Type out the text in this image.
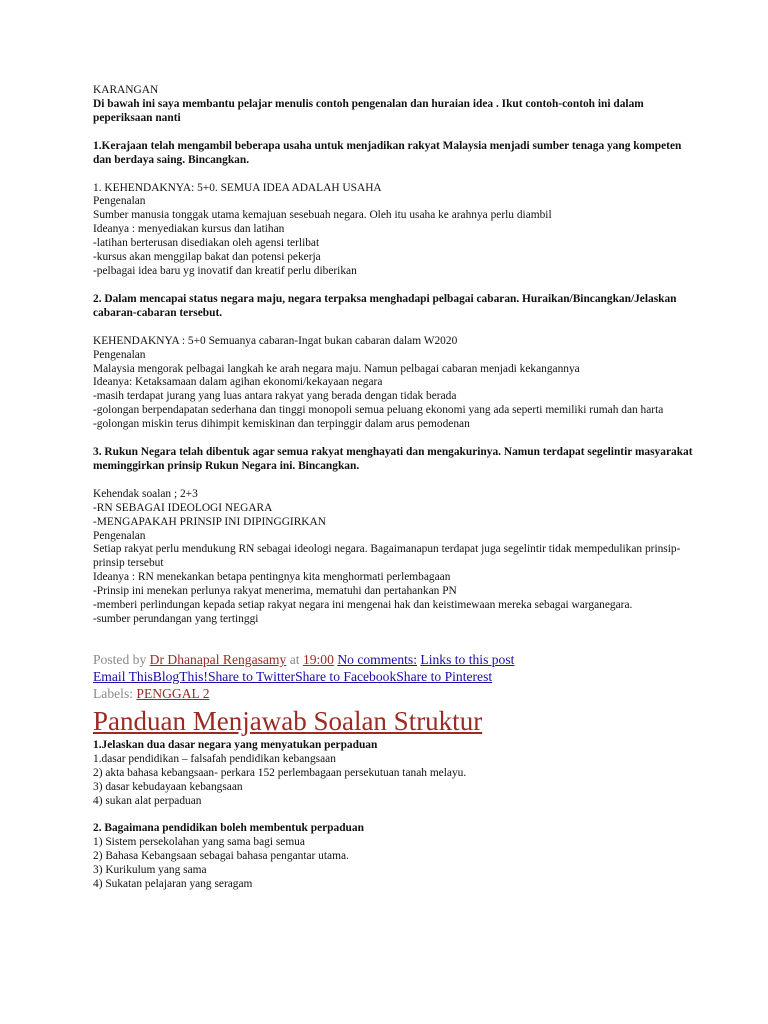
KARANGAN

Di bawah ini saya membantu pelajar menulis contoh pengenalan dan huraian idea . Ikut contoh-contoh ini dalam peperiksaan nanti

1.Kerajaan telah mengambil beberapa usaha untuk menjadikan rakyat Malaysia menjadi sumber tenaga yang kompeten dan berdaya saing. Bincangkan.

1. KEHENDAKNYA: 5+0. SEMUA IDEA ADALAH USAHA

Pengenalan

Sumber manusia tonggak utama kemajuan sesebuah negara. Oleh itu usaha ke arahnya perlu diambil

Ideanya : menyediakan kursus dan latihan

-latihan berterusan disediakan oleh agensi terlibat

-kursus akan menggilap bakat dan potensi pekerja

-pelbagai idea baru yg inovatif dan kreatif perlu diberikan

2. Dalam mencapai status negara maju, negara terpaksa menghadapi pelbagai cabaran. Huraikan/Bincangkan/Jelaskan cabaran-cabaran tersebut.

KEHENDAKNYA : 5+0 Semuanya cabaran-Ingat bukan cabaran dalam W2020

Pengenalan

Malaysia mengorak pelbagai langkah ke arah negara maju. Namun pelbagai cabaran menjadi kekangannya

Ideanya: Ketaksamaan dalam agihan ekonomi/kekayaan negara

-masih terdapat jurang yang luas antara rakyat yang berada dengan tidak berada

-golongan berpendapatan sederhana dan tinggi monopoli semua peluang ekonomi yang ada seperti memiliki rumah dan harta

-golongan miskin terus dihimpit kemiskinan dan terpinggir dalam arus pemodenan

3. Rukun Negara telah dibentuk agar semua rakyat menghayati dan mengakurinya. Namun terdapat segelintir masyarakat meminggirkan prinsip Rukun Negara ini. Bincangkan.

Kehendak soalan ; 2+3

-RN SEBAGAI IDEOLOGI NEGARA

-MENGAPAKAH PRINSIP INI DIPINGGIRKAN

Pengenalan

Setiap rakyat perlu mendukung RN sebagai ideologi negara. Bagaimanapun terdapat juga segelintir tidak mempedulikan prinsip-prinsip tersebut

Ideanya : RN menekankan betapa pentingnya kita menghormati perlembagaan

-Prinsip ini menekan perlunya rakyat menerima, mematuhi dan pertahankan PN

-memberi perlindungan kepada setiap rakyat negara ini mengenai hak dan keistimewaan mereka sebagai warganegara.

-sumber perundangan yang tertinggi

Posted by Dr Dhanapal Rengasamy at 19:00 No comments: Links to this post
Email ThisBlogThis!Share to TwitterShare to FacebookShare to Pinterest
Labels: PENGGAL 2
Panduan Menjawab Soalan Struktur

1.Jelaskan dua dasar negara yang menyatukan perpaduan

1.dasar pendidikan – falsafah pendidikan kebangsaan

2) akta bahasa kebangsaan- perkara 152 perlembagaan persekutuan tanah melayu.

3) dasar kebudayaan kebangsaan

4) sukan alat perpaduan

2. Bagaimana pendidikan boleh membentuk perpaduan

1) Sistem persekolahan yang sama bagi semua

2) Bahasa Kebangsaan sebagai bahasa pengantar utama.

3) Kurikulum yang sama

4) Sukatan pelajaran yang seragam
